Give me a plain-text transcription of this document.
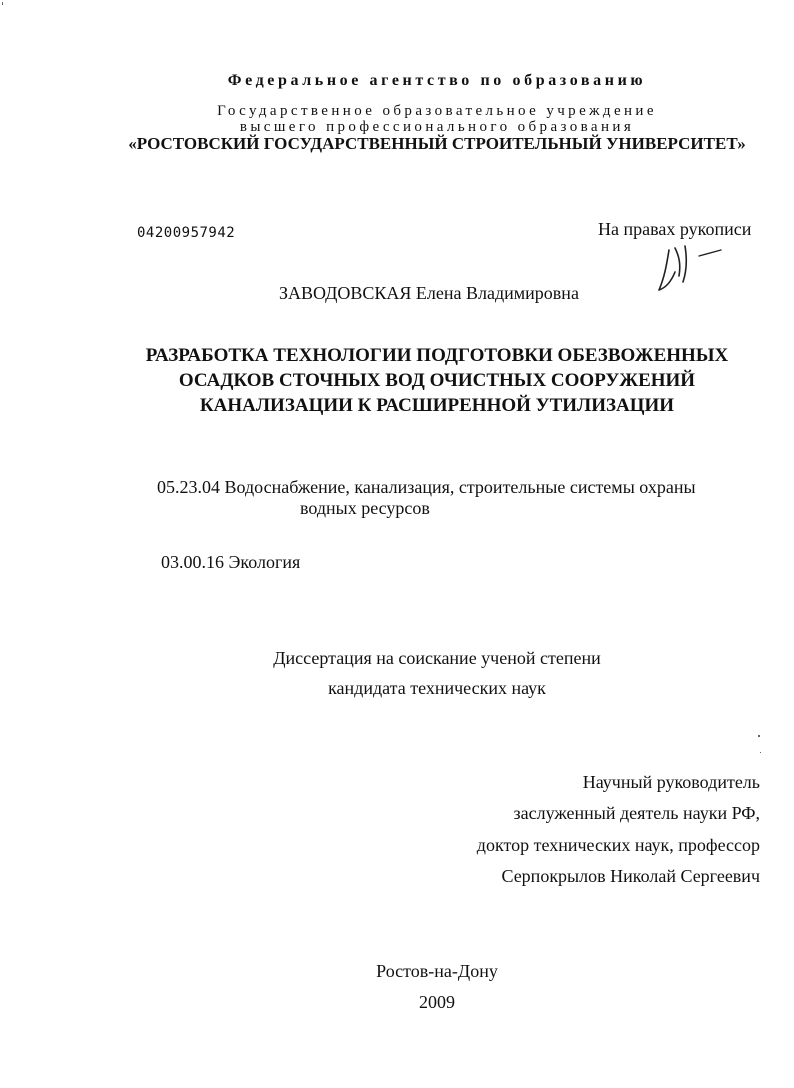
Федеральное агентство по образованию
Государственное образовательное учреждение
высшего профессионального образования
«РОСТОВСКИЙ ГОСУДАРСТВЕННЫЙ СТРОИТЕЛЬНЫЙ УНИВЕРСИТЕТ»
04200957942	На правах рукописи
ЗАВОДОВСКАЯ Елена Владимировна
РАЗРАБОТКА ТЕХНОЛОГИИ ПОДГОТОВКИ ОБЕЗВОЖЕННЫХ ОСАДКОВ СТОЧНЫХ ВОД ОЧИСТНЫХ СООРУЖЕНИЙ КАНАЛИЗАЦИИ К РАСШИРЕННОЙ УТИЛИЗАЦИИ
05.23.04 Водоснабжение, канализация, строительные системы охраны
водных ресурсов
03.00.16 Экология
Диссертация на соискание ученой степени
кандидата технических наук
Научный руководитель
заслуженный деятель науки РФ,
доктор технических наук, профессор
Серпокрылов Николай Сергеевич
Ростов-на-Дону
2009
